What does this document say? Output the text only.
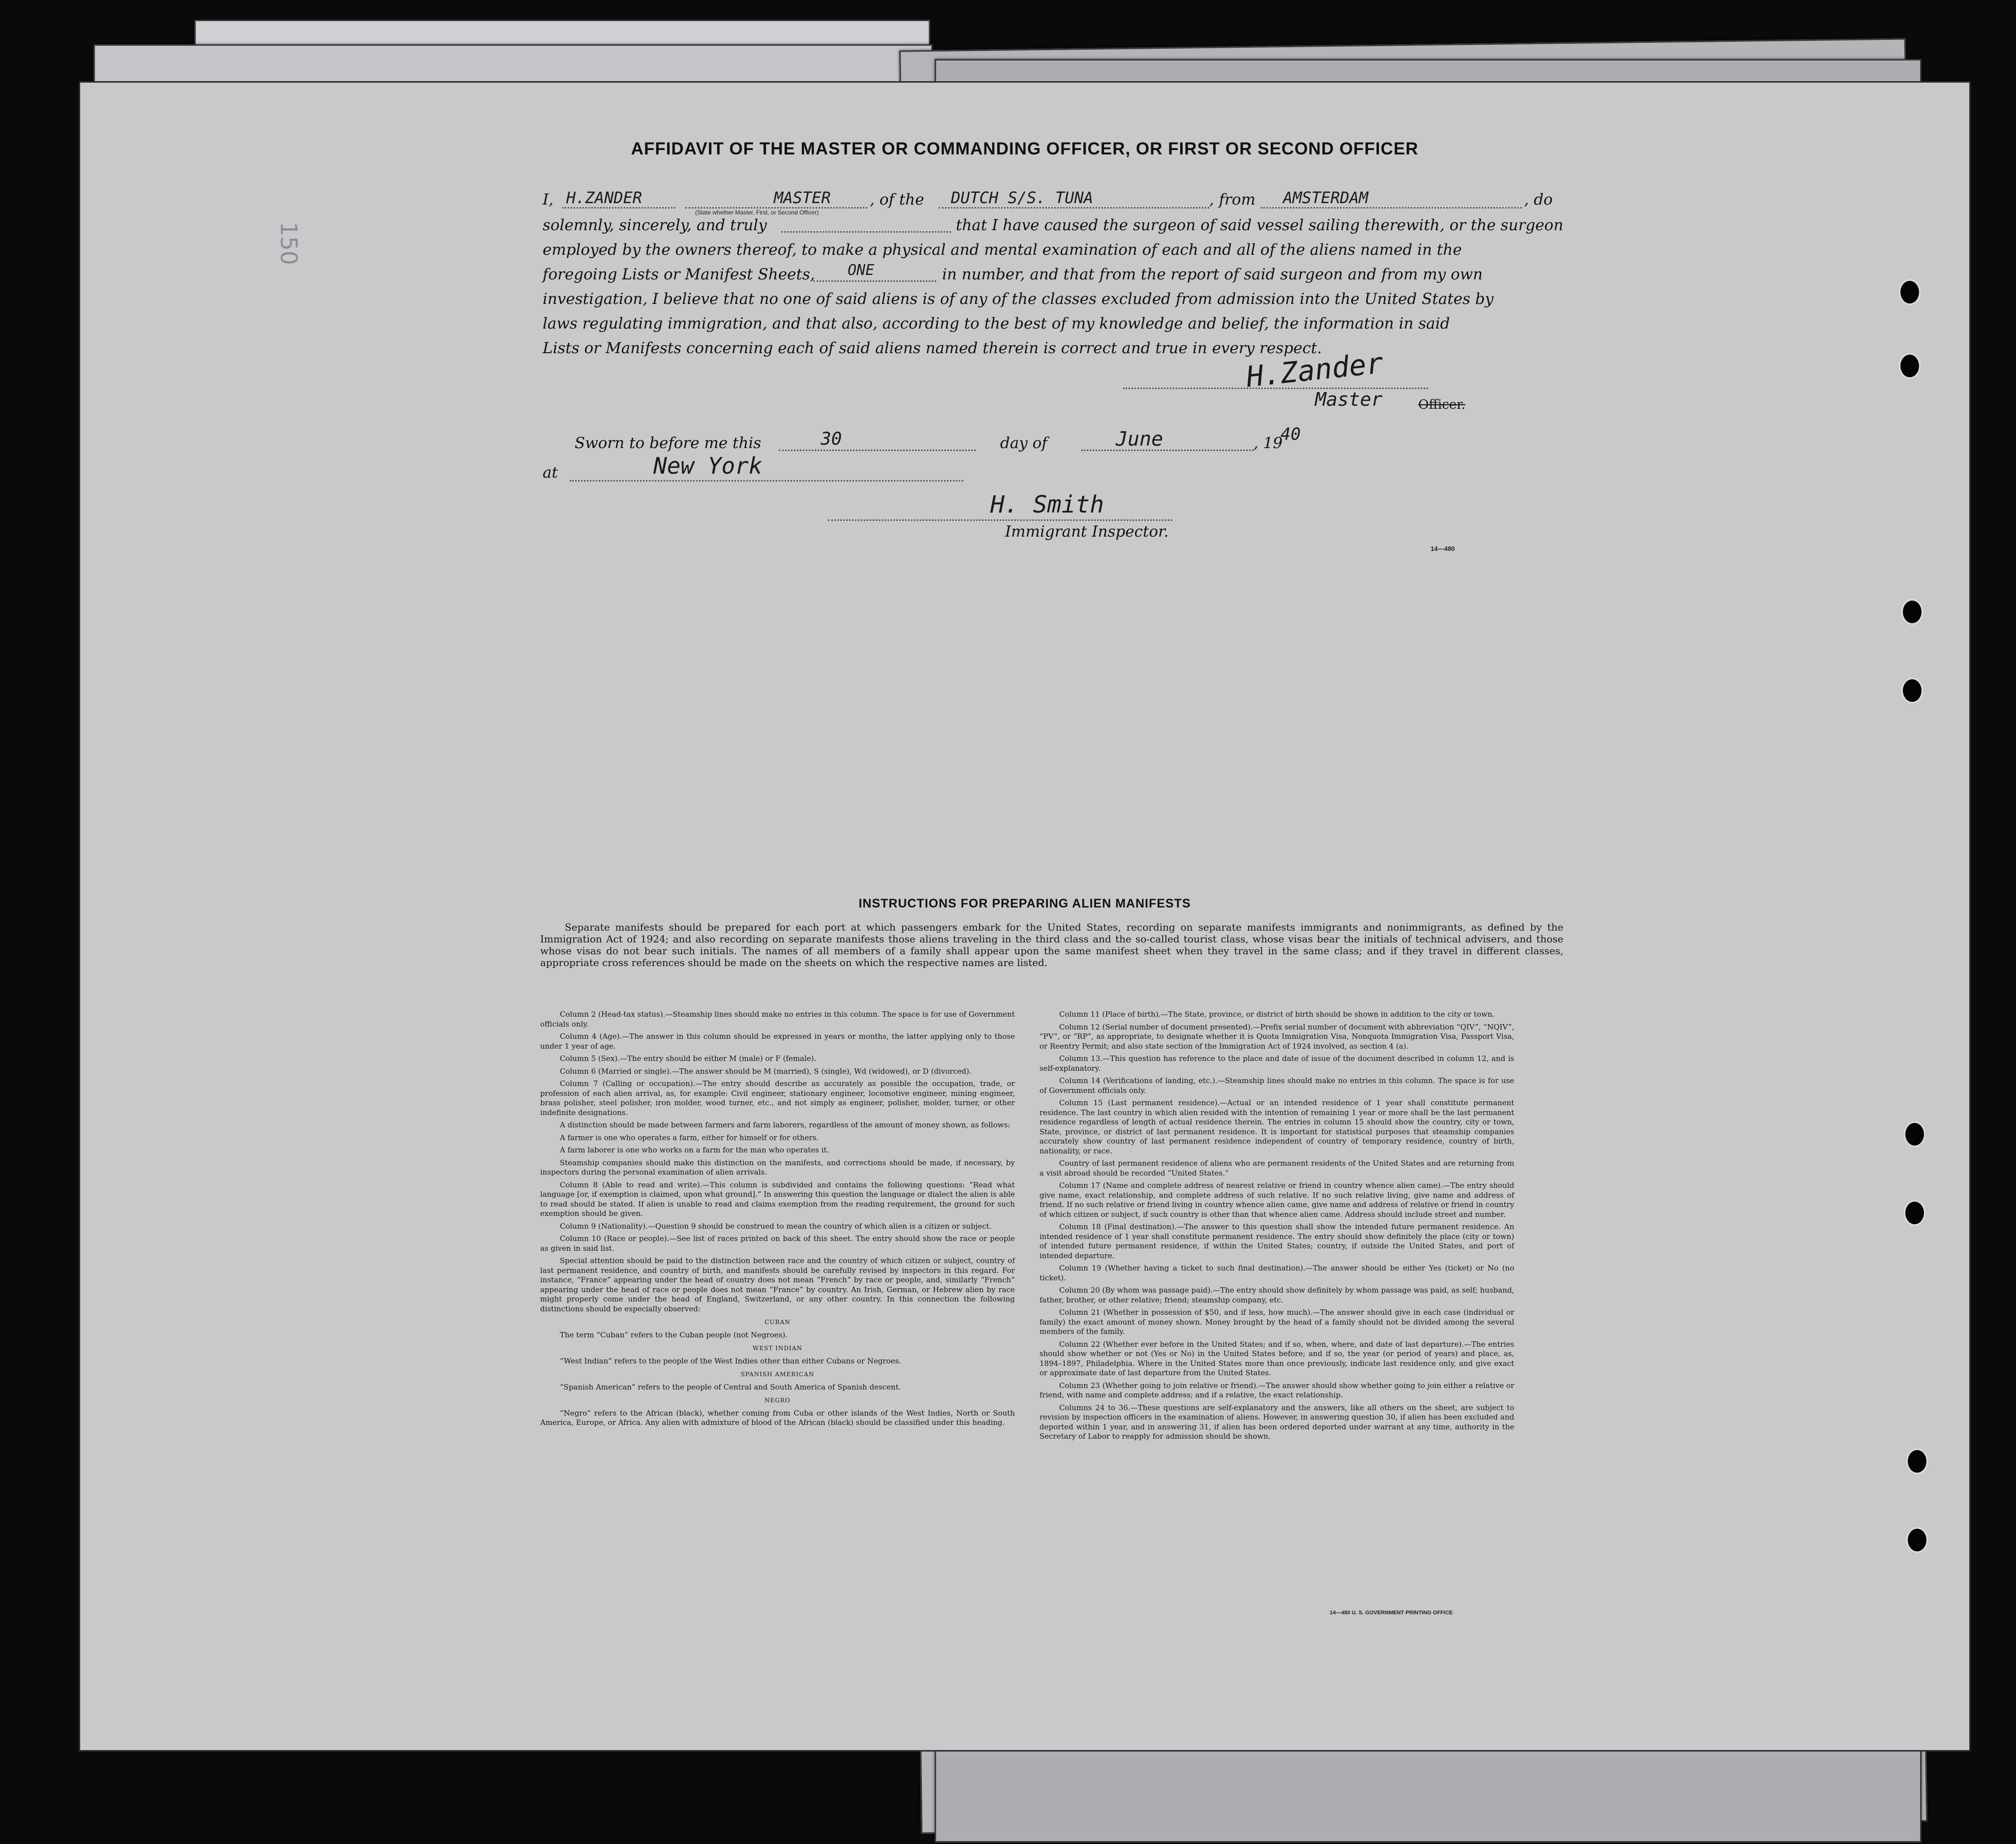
150
AFFIDAVIT OF THE MASTER OR COMMANDING OFFICER, OR FIRST OR SECOND OFFICER
I, H.ZANDER	MASTER
(State whether Master, First, or Second Officer)
, of the DUTCH S/S. TUNA	, from AMSTERDAM	, do
solemnly, sincerely, and truly	that I have caused the surgeon of said vessel sailing therewith, or the surgeon
employed by the owners thereof, to make a physical and mental examination of each and all of the aliens named in the
foregoing Lists or Manifest Sheets, ONE	in number, and that from the report of said surgeon and from my own
investigation, I believe that no one of said aliens is of any of the classes excluded from admission into the United States by
laws regulating immigration, and that also, according to the best of my knowledge and belief, the information in said
Lists or Manifests concerning each of said aliens named therein is correct and true in every respect.
H.Zander
Master	Officer.
Sworn to before me this	30	day of	June	, 19
40
at	New York
H. Smith
Immigrant Inspector.
14—480
INSTRUCTIONS FOR PREPARING ALIEN MANIFESTS
Separate manifests should be prepared for each port at which passengers embark for the United States, recording on separate manifests immigrants and nonimmigrants, as defined by the Immigration Act of 1924; and also recording on separate manifests those aliens traveling in the third class and the so-called tourist class, whose visas bear the initials of technical advisers, and those whose visas do not bear such initials. The names of all members of a family shall appear upon the same manifest sheet when they travel in the same class; and if they travel in different classes, appropriate cross references should be made on the sheets on which the respective names are listed.

Column 2 (Head-tax status).—Steamship lines should make no entries in this column. The space is for use of Government officials only.

Column 4 (Age).—The answer in this column should be expressed in years or months, the latter applying only to those under 1 year of age.

Column 5 (Sex).—The entry should be either M (male) or F (female).

Column 6 (Married or single).—The answer should be M (married), S (single), Wd (widowed), or D (divorced).

Column 7 (Calling or occupation).—The entry should describe as accurately as possible the occupation, trade, or profession of each alien arrival, as, for example: Civil engineer, stationary engineer, locomotive engineer, mining engineer, brass polisher, steel polisher, iron molder, wood turner, etc., and not simply as engineer, polisher, molder, turner, or other indefinite designations.

A distinction should be made between farmers and farm laborers, regardless of the amount of money shown, as follows:

A farmer is one who operates a farm, either for himself or for others.

A farm laborer is one who works on a farm for the man who operates it.

Steamship companies should make this distinction on the manifests, and corrections should be made, if necessary, by inspectors during the personal examination of alien arrivals.

Column 8 (Able to read and write).—This column is subdivided and contains the following questions: “Read what language [or, if exemption is claimed, upon what ground].” In answering this question the language or dialect the alien is able to read should be stated. If alien is unable to read and claims exemption from the reading requirement, the ground for such exemption should be given.

Column 9 (Nationality).—Question 9 should be construed to mean the country of which alien is a citizen or subject.

Column 10 (Race or people).—See list of races printed on back of this sheet. The entry should show the race or people as given in said list.

Special attention should be paid to the distinction between race and the country of which citizen or subject, country of last permanent residence, and country of birth, and manifests should be carefully revised by inspectors in this regard. For instance, “France” appearing under the head of country does not mean “French” by race or people, and, similarly “French” appearing under the head of race or people does not mean “France” by country. An Irish, German, or Hebrew alien by race might properly come under the head of England, Switzerland, or any other country. In this connection the following distinctions should be especially observed:

CUBAN

The term “Cuban” refers to the Cuban people (not Negroes).

WEST INDIAN

“West Indian” refers to the people of the West Indies other than either Cubans or Negroes.

SPANISH AMERICAN

“Spanish American” refers to the people of Central and South America of Spanish descent.

NEGRO

“Negro” refers to the African (black), whether coming from Cuba or other islands of the West Indies, North or South America, Europe, or Africa. Any alien with admixture of blood of the African (black) should be classified under this heading.

Column 11 (Place of birth).—The State, province, or district of birth should be shown in addition to the city or town.

Column 12 (Serial number of document presented).—Prefix serial number of document with abbreviation “QIV”, “NQIV”, “PV”, or “RP”, as appropriate, to designate whether it is Quota Immigration Visa, Nonquota Immigration Visa, Passport Visa, or Reentry Permit; and also state section of the Immigration Act of 1924 involved, as section 4 (a).

Column 13.—This question has reference to the place and date of issue of the document described in column 12, and is self-explanatory.

Column 14 (Verifications of landing, etc.).—Steamship lines should make no entries in this column. The space is for use of Government officials only.

Column 15 (Last permanent residence).—Actual or an intended residence of 1 year shall constitute permanent residence. The last country in which alien resided with the intention of remaining 1 year or more shall be the last permanent residence regardless of length of actual residence therein. The entries in column 15 should show the country, city or town, State, province, or district of last permanent residence. It is important for statistical purposes that steamship companies accurately show country of last permanent residence independent of country of temporary residence, country of birth, nationality, or race.

Country of last permanent residence of aliens who are permanent residents of the United States and are returning from a visit abroad should be recorded “United States.”

Column 17 (Name and complete address of nearest relative or friend in country whence alien came).—The entry should give name, exact relationship, and complete address of such relative. If no such relative living, give name and address of friend. If no such relative or friend living in country whence alien came, give name and address of relative or friend in country of which citizen or subject, if such country is other than that whence alien came. Address should include street and number.

Column 18 (Final destination).—The answer to this question shall show the intended future permanent residence. An intended residence of 1 year shall constitute permanent residence. The entry should show definitely the place (city or town) of intended future permanent residence, if within the United States; country, if outside the United States, and port of intended departure.

Column 19 (Whether having a ticket to such final destination).—The answer should be either Yes (ticket) or No (no ticket).

Column 20 (By whom was passage paid).—The entry should show definitely by whom passage was paid, as self; husband, father, brother, or other relative; friend; steamship company, etc.

Column 21 (Whether in possession of $50, and if less, how much).—The answer should give in each case (individual or family) the exact amount of money shown. Money brought by the head of a family should not be divided among the several members of the family.

Column 22 (Whether ever before in the United States; and if so, when, where, and date of last departure).—The entries should show whether or not (Yes or No) in the United States before; and if so, the year (or period of years) and place, as, 1894–1897, Philadelphia. Where in the United States more than once previously, indicate last residence only, and give exact or approximate date of last departure from the United States.

Column 23 (Whether going to join relative or friend).—The answer should show whether going to join either a relative or friend, with name and complete address; and if a relative, the exact relationship.

Columns 24 to 36.—These questions are self-explanatory and the answers, like all others on the sheet, are subject to revision by inspection officers in the examination of aliens. However, in answering question 30, if alien has been excluded and deported within 1 year, and in answering 31, if alien has been ordered deported under warrant at any time, authority in the Secretary of Labor to reapply for admission should be shown.

14—480 U. S. GOVERNMENT PRINTING OFFICE
